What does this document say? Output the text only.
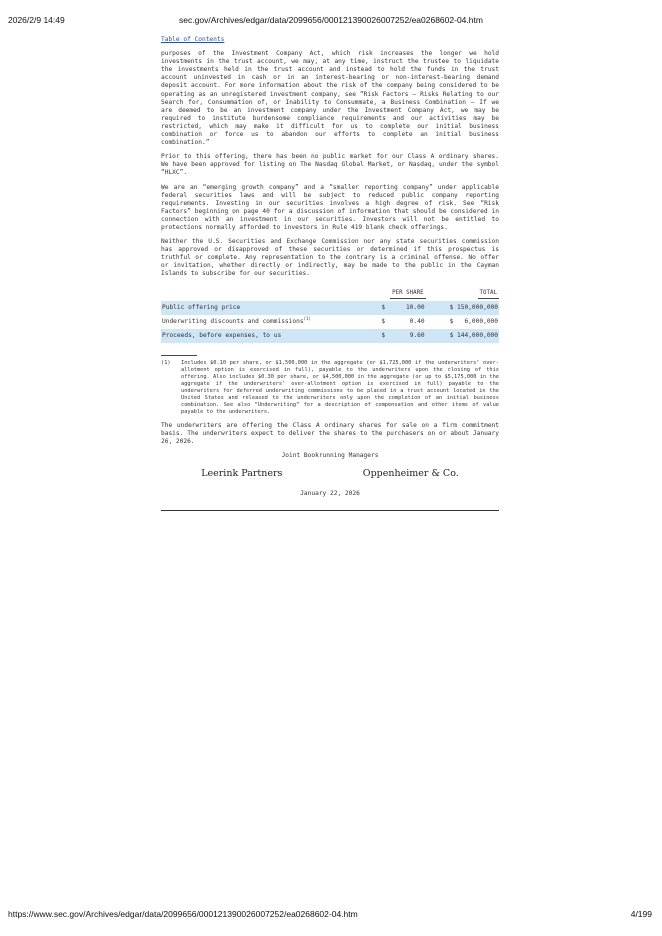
2026/2/9 14:49	sec.gov/Archives/edgar/data/2099656/000121390026007252/ea0268602-04.htm
Table of Contents

purposes of the Investment Company Act, which risk increases the longer we hold investments in the trust account, we may, at any time, instruct the trustee to liquidate the investments held in the trust account and instead to hold the funds in the trust account uninvested in cash or in an interest-bearing or non-interest-bearing demand deposit account. For more information about the risk of the company being considered to be operating as an unregistered investment company, see “Risk Factors — Risks Relating to our Search for, Consummation of, or Inability to Consummate, a Business Combination — If we are deemed to be an investment company under the Investment Company Act, we may be required to institute burdensome compliance requirements and our activities may be restricted, which may make it difficult for us to complete our initial business combination or force us to abandon our efforts to complete an initial business combination.”

Prior to this offering, there has been no public market for our Class A ordinary shares. We have been approved for listing on The Nasdaq Global Market, or Nasdaq, under the symbol “HLXC”.

We are an “emerging growth company” and a “smaller reporting company” under applicable federal securities laws and will be subject to reduced public company reporting requirements. Investing in our securities involves a high degree of risk. See “Risk Factors” beginning on page 40 for a discussion of information that should be considered in connection with an investment in our securities. Investors will not be entitled to protections normally afforded to investors in Rule 419 blank check offerings.

Neither the U.S. Securities and Exchange Commission nor any state securities commission has approved or disapproved of these securities or determined if this prospectus is truthful or complete. Any representation to the contrary is a criminal offense. No offer or invitation, whether directly or indirectly, may be made to the public in the Cayman Islands to subscribe for our securities.

	PER SHARE		TOTAL
Public offering price	$	10.00	$ 150,000,000
Underwriting discounts and commissions$^{(1)}$	$	0.40	$   6,000,000
Proceeds, before expenses, to us	$	9.60	$ 144,000,000
(1)	Includes $0.10 per share, or $1,500,000 in the aggregate (or $1,725,000 if the underwriters’ over-allotment option is exercised in full), payable to the underwriters upon the closing of this offering. Also includes $0.30 per share, or $4,500,000 in the aggregate (or up to $5,175,000 in the aggregate if the underwriters’ over-allotment option is exercised in full) payable to the underwriters for deferred underwriting commissions to be placed in a trust account located in the United States and released to the underwriters only upon the completion of an initial business combination. See also “Underwriting” for a description of compensation and other items of value payable to the underwriters.

The underwriters are offering the Class A ordinary shares for sale on a firm commitment basis. The underwriters expect to deliver the shares to the purchasers on or about January 26, 2026.

Joint Bookrunning Managers
Leerink Partners	Oppenheimer & Co.
January 22, 2026
https://www.sec.gov/Archives/edgar/data/2099656/000121390026007252/ea0268602-04.htm	4/199
